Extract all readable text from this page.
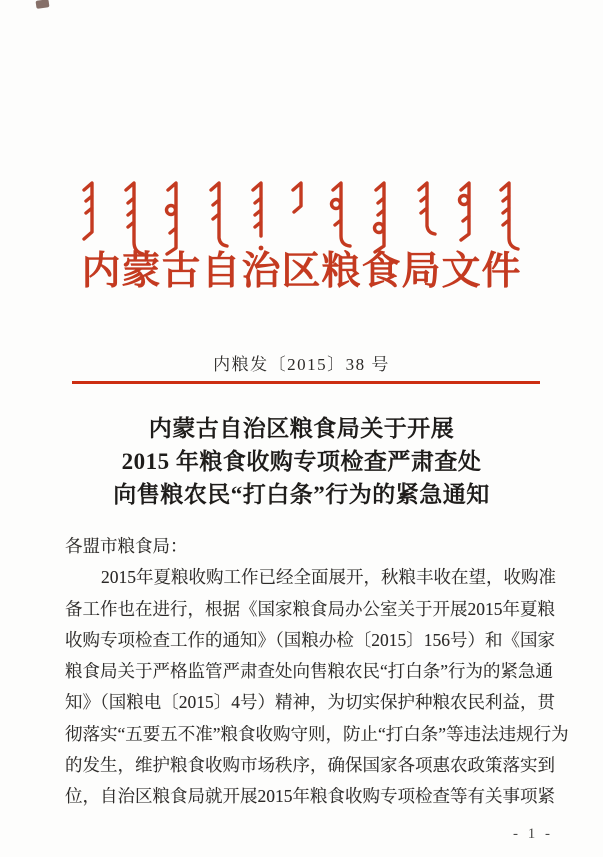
内蒙古自治区粮食局文件
内粮发〔2015〕38 号
内蒙古自治区粮食局关于开展
2015 年粮食收购专项检查严肃查处
向售粮农民“打白条”行为的紧急通知
各盟市粮食局：
2015年夏粮收购工作已经全面展开，秋粮丰收在望，收购准
备工作也在进行，根据《国家粮食局办公室关于开展2015年夏粮
收购专项检查工作的通知》（国粮办检〔2015〕156号）和《国家
粮食局关于严格监管严肃查处向售粮农民“打白条”行为的紧急通
知》（国粮电〔2015〕4号）精神，为切实保护种粮农民利益，贯
彻落实“五要五不准”粮食收购守则，防止“打白条”等违法违规行为
的发生，维护粮食收购市场秩序，确保国家各项惠农政策落实到
位，自治区粮食局就开展2015年粮食收购专项检查等有关事项紧
- 1 -
